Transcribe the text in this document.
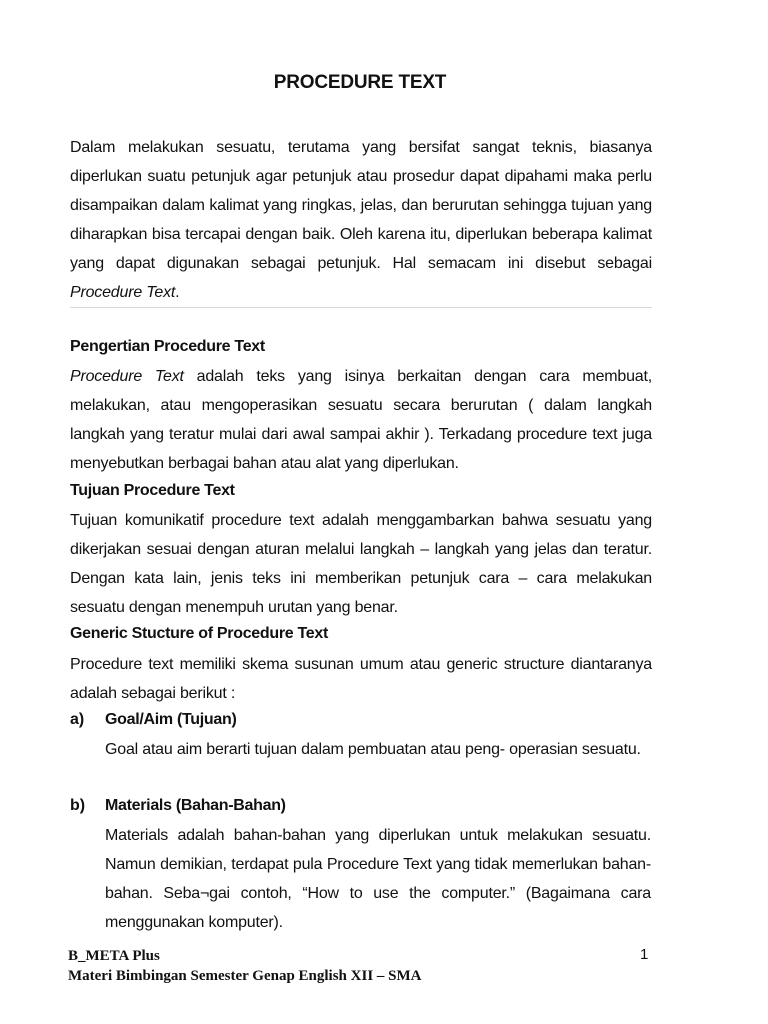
PROCEDURE TEXT
Dalam melakukan sesuatu, terutama yang bersifat sangat teknis, biasanya diperlukan suatu petunjuk agar petunjuk atau prosedur dapat dipahami maka perlu disampaikan dalam kalimat yang ringkas, jelas, dan berurutan sehingga tujuan yang diharapkan bisa tercapai dengan baik. Oleh karena itu, diperlukan beberapa kalimat yang dapat digunakan sebagai petunjuk. Hal semacam ini disebut sebagai Procedure Text.
Pengertian Procedure Text
Procedure Text adalah teks yang isinya berkaitan dengan cara membuat, melakukan, atau mengoperasikan sesuatu secara berurutan ( dalam langkah langkah yang teratur mulai dari awal sampai akhir ). Terkadang procedure text juga menyebutkan berbagai bahan atau alat yang diperlukan.
Tujuan Procedure Text
Tujuan komunikatif procedure text adalah menggambarkan bahwa sesuatu yang dikerjakan sesuai dengan aturan melalui langkah – langkah yang jelas dan teratur. Dengan kata lain, jenis teks ini memberikan petunjuk cara – cara melakukan sesuatu dengan menempuh urutan yang benar.
Generic Stucture of Procedure Text
Procedure text memiliki skema susunan umum atau generic structure diantaranya adalah sebagai berikut :
a) Goal/Aim (Tujuan)
Goal atau aim berarti tujuan dalam pembuatan atau peng- operasian sesuatu.
b) Materials (Bahan-Bahan)
Materials adalah bahan-bahan yang diperlukan untuk melakukan sesuatu. Namun demikian, terdapat pula Procedure Text yang tidak memerlukan bahan-bahan. Seba¬gai contoh, “How to use the computer.” (Bagaimana cara menggunakan komputer).
B_META Plus
Materi Bimbingan Semester Genap English XII – SMA
1
